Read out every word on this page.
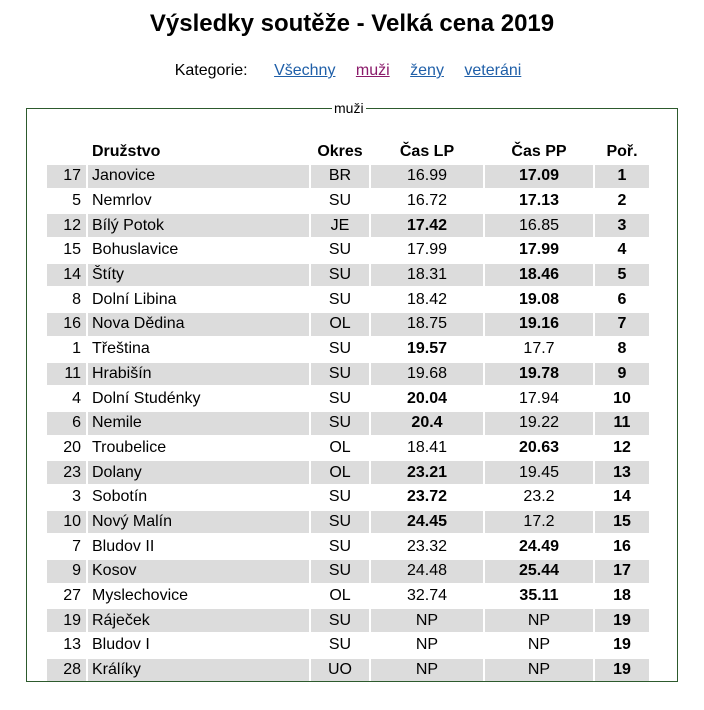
Výsledky soutěže - Velká cena 2019
Kategorie: Všechny muži ženy veteráni
muži
	Družstvo	Okres	Čas LP	Čas PP	Poř.
17	Janovice	BR	16.99	17.09	1
5	Nemrlov	SU	16.72	17.13	2
12	Bílý Potok	JE	17.42	16.85	3
15	Bohuslavice	SU	17.99	17.99	4
14	Štíty	SU	18.31	18.46	5
8	Dolní Libina	SU	18.42	19.08	6
16	Nova Dědina	OL	18.75	19.16	7
1	Třeština	SU	19.57	17.7	8
11	Hrabišín	SU	19.68	19.78	9
4	Dolní Studénky	SU	20.04	17.94	10
6	Nemile	SU	20.4	19.22	11
20	Troubelice	OL	18.41	20.63	12
23	Dolany	OL	23.21	19.45	13
3	Sobotín	SU	23.72	23.2	14
10	Nový Malín	SU	24.45	17.2	15
7	Bludov II	SU	23.32	24.49	16
9	Kosov	SU	24.48	25.44	17
27	Myslechovice	OL	32.74	35.11	18
19	Ráječek	SU	NP	NP	19
13	Bludov I	SU	NP	NP	19
28	Králíky	UO	NP	NP	19
